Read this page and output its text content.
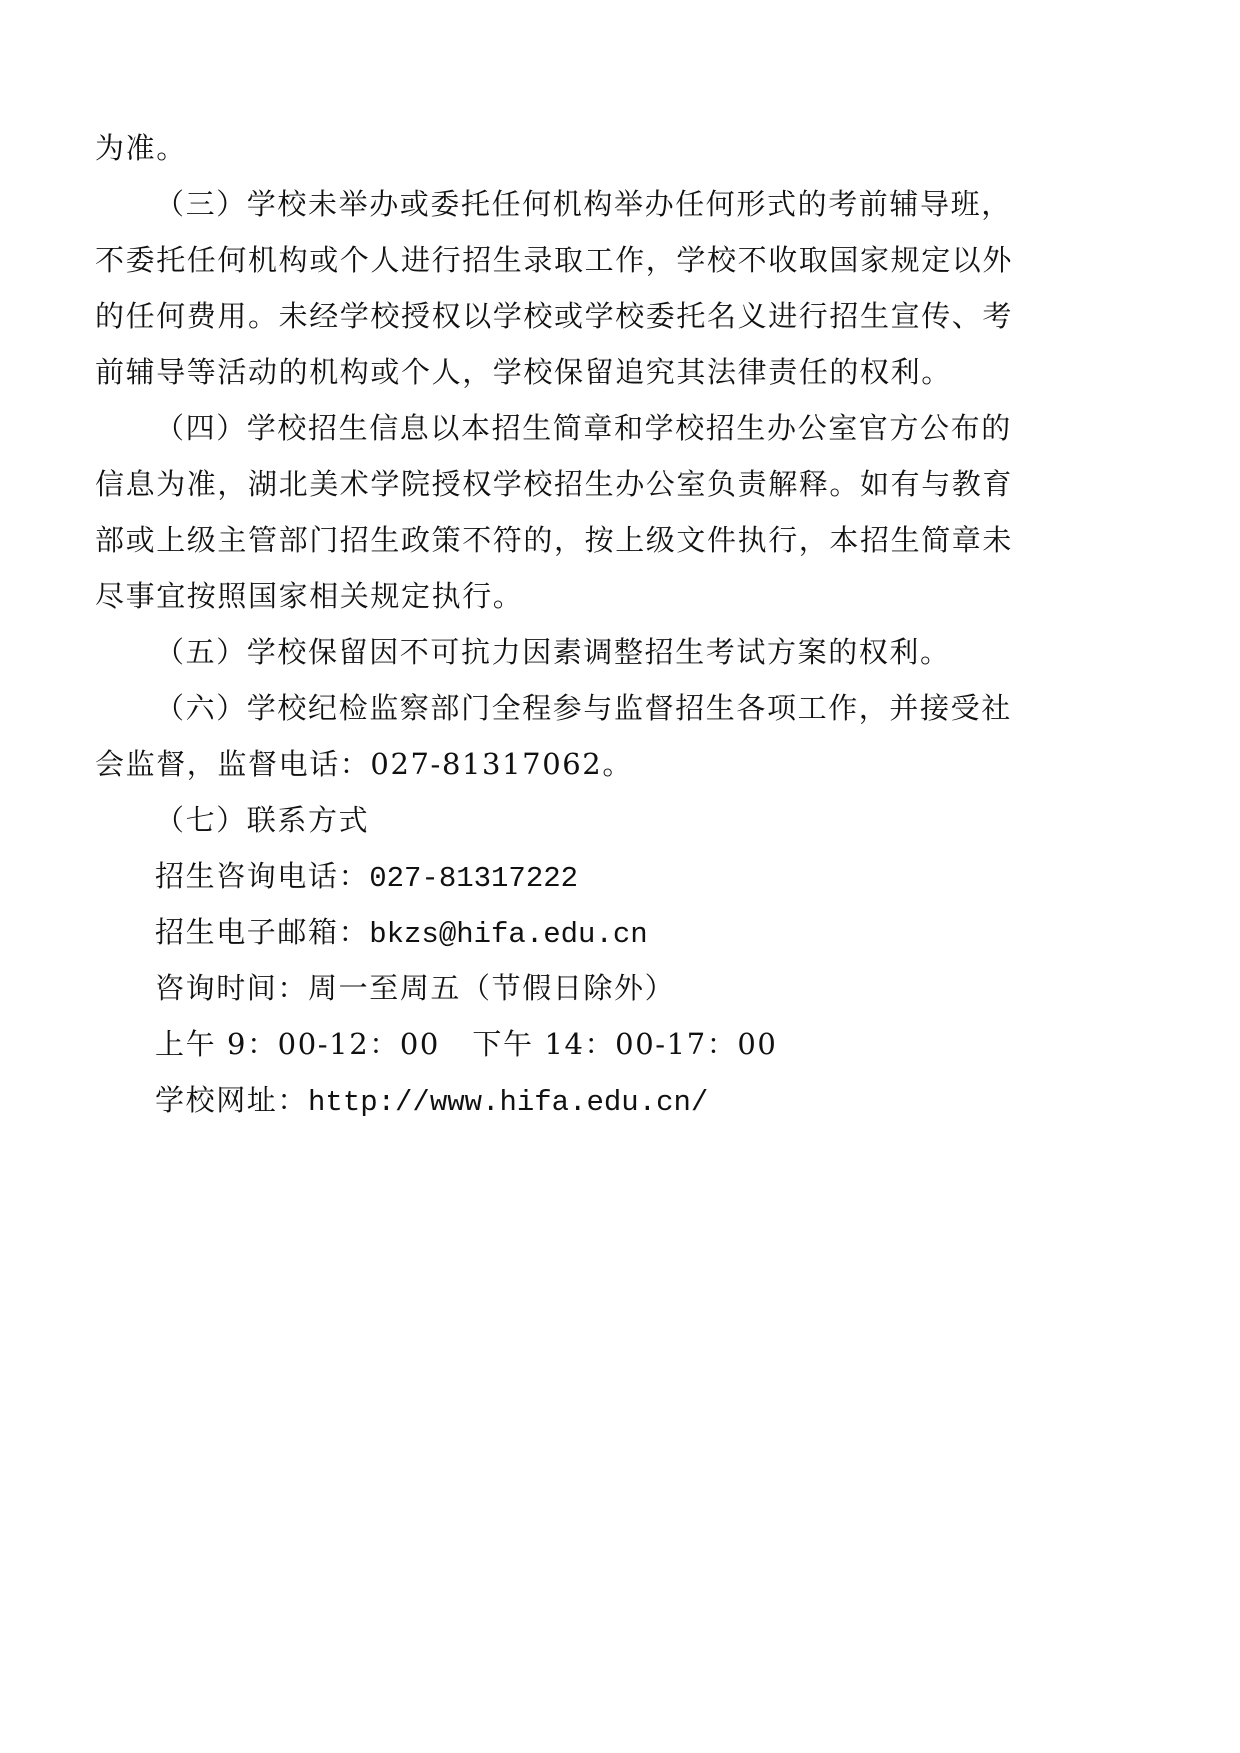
为准。
（三）学校未举办或委托任何机构举办任何形式的考前辅导班，
不委托任何机构或个人进行招生录取工作，学校不收取国家规定以外
的任何费用。未经学校授权以学校或学校委托名义进行招生宣传、考
前辅导等活动的机构或个人，学校保留追究其法律责任的权利。
（四）学校招生信息以本招生简章和学校招生办公室官方公布的
信息为准，湖北美术学院授权学校招生办公室负责解释。如有与教育
部或上级主管部门招生政策不符的，按上级文件执行，本招生简章未
尽事宜按照国家相关规定执行。
（五）学校保留因不可抗力因素调整招生考试方案的权利。
（六）学校纪检监察部门全程参与监督招生各项工作，并接受社
会监督，监督电话：027-81317062。
（七）联系方式
招生咨询电话：027-81317222
招生电子邮箱：bkzs@hifa.edu.cn
咨询时间：周一至周五（节假日除外）
上午 9：00-12：00   下午 14：00-17：00
学校网址：http://www.hifa.edu.cn/
